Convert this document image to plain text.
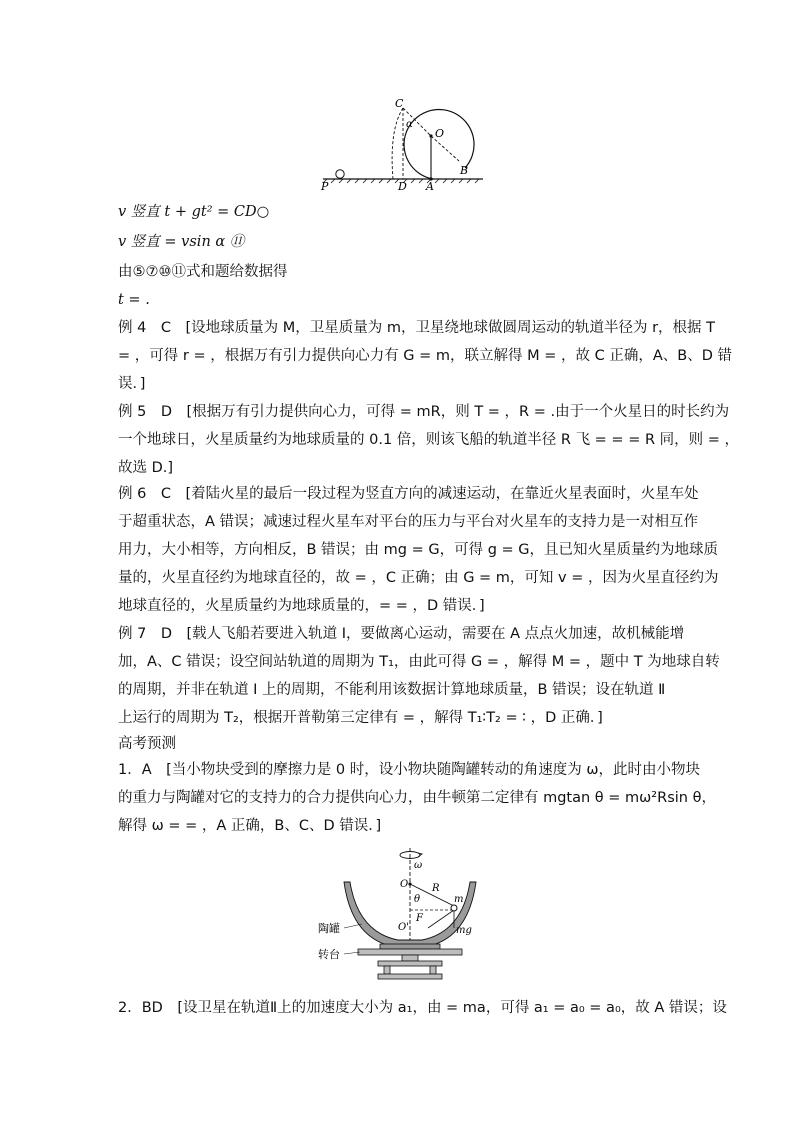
C
α
O
B
P	D A
v 竖直 t + gt² = CD○
v 竖直 = vsin α ⑪
由⑤⑦⑩⑪式和题给数据得
t = .
例 4　C　[设地球质量为 M，卫星质量为 m，卫星绕地球做圆周运动的轨道半径为 r，根据 T
= ，可得 r = ，根据万有引力提供向心力有 G = m，联立解得 M = ，故 C 正确，A、B、D 错
误．]
例 5　D　[根据万有引力提供向心力，可得 = mR，则 T = ，R = .由于一个火星日的时长约为
一个地球日，火星质量约为地球质量的 0.1 倍，则该飞船的轨道半径 R 飞 = = = R 同，则 = ，
故选 D.]
例 6　C　[着陆火星的最后一段过程为竖直方向的减速运动，在靠近火星表面时，火星车处
于超重状态，A 错误；减速过程火星车对平台的压力与平台对火星车的支持力是一对相互作
用力，大小相等，方向相反，B 错误；由 mg = G，可得 g = G，且已知火星质量约为地球质
量的，火星直径约为地球直径的，故 = ，C 正确；由 G = m，可知 v = ，因为火星直径约为
地球直径的，火星质量约为地球质量的，= = ，D 错误．]
例 7　D　[载人飞船若要进入轨道 Ⅰ，要做离心运动，需要在 A 点点火加速，故机械能增
加，A、C 错误；设空间站轨道的周期为 T₁，由此可得 G = ，解得 M = ，题中 T 为地球自转
的周期，并非在轨道 Ⅰ 上的周期，不能利用该数据计算地球质量，B 错误；设在轨道 Ⅱ
上运行的周期为 T₂，根据开普勒第三定律有 = ，解得 T₁∶T₂ = ∶ ，D 正确．]
高考预测
1．A　[当小物块受到的摩擦力是 0 时，设小物块随陶罐转动的角速度为 ω，此时由小物块
的重力与陶罐对它的支持力的合力提供向心力，由牛顿第二定律有 mgtan θ = mω²Rsin θ，
解得 ω = = ，A 正确，B、C、D 错误．]
ω
O R
θ	m
F
O'	mg
陶罐
转台
2．BD　[设卫星在轨道Ⅱ上的加速度大小为 a₁，由 = ma，可得 a₁ = a₀ = a₀，故 A 错误；设
